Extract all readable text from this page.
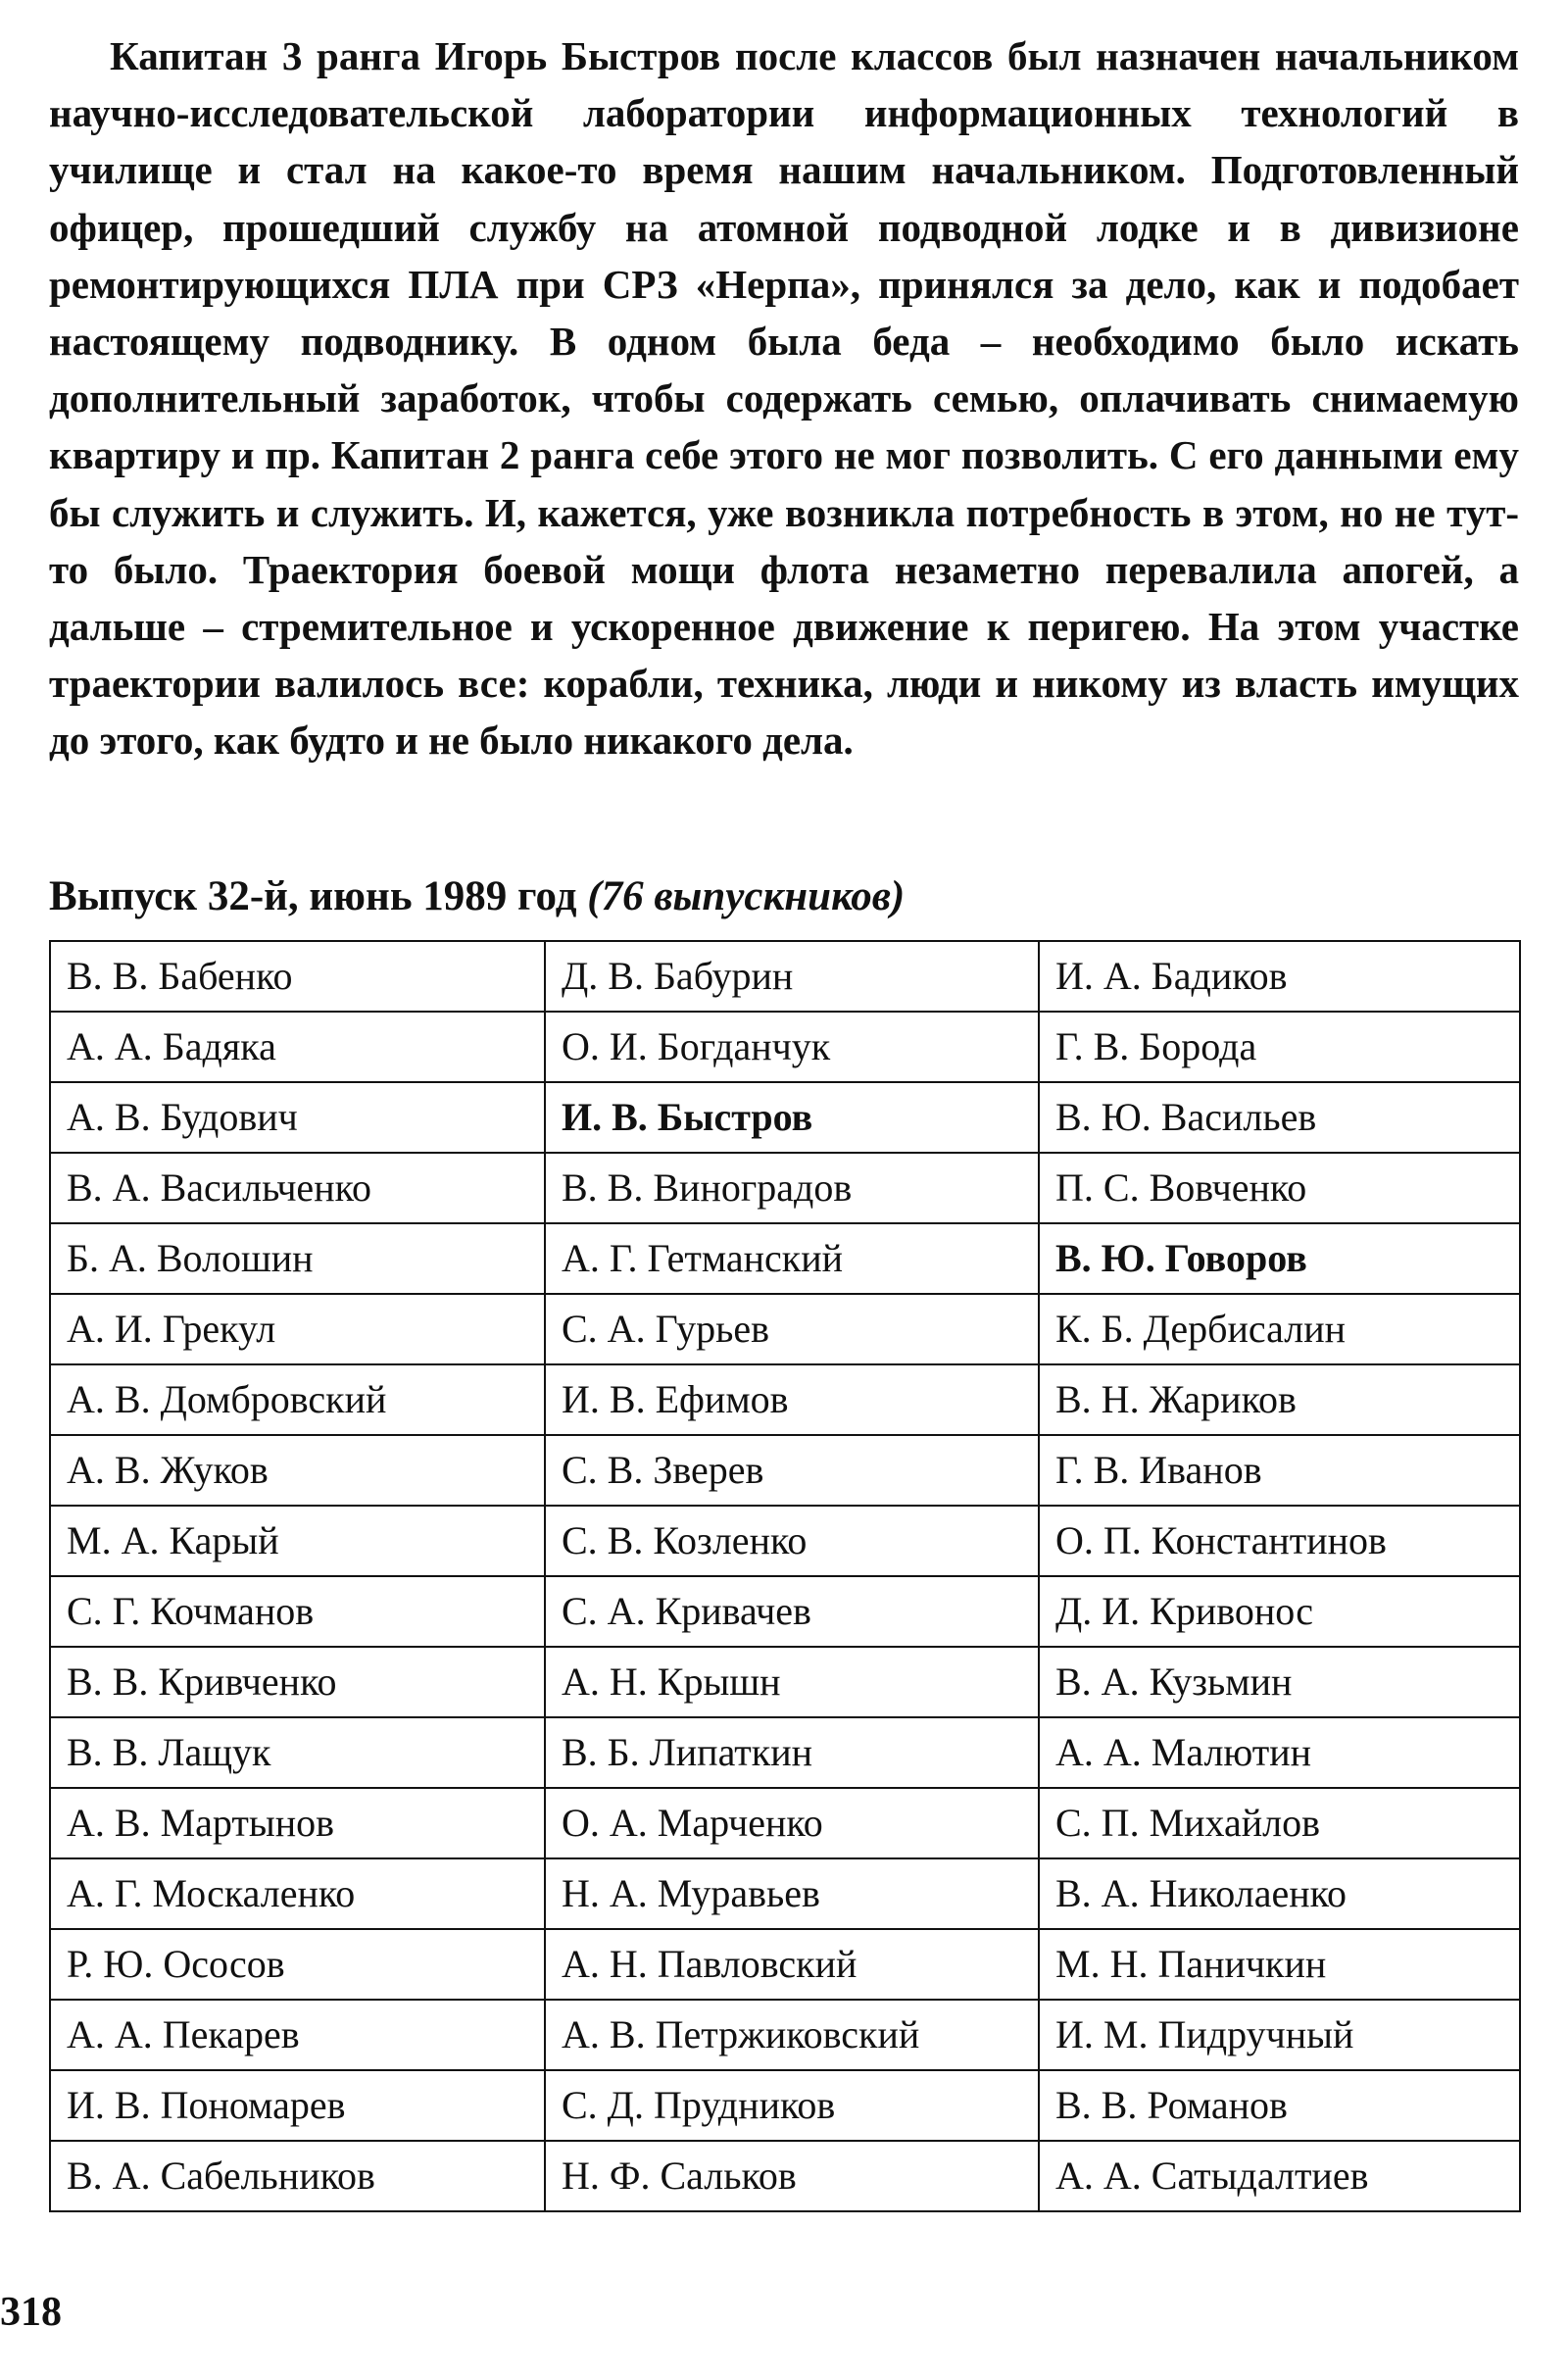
Капитан 3 ранга Игорь Быстров после классов был назначен начальником научно-исследовательской лаборатории информационных технологий в училище и стал на какое-то время нашим начальником. Подготовленный офицер, прошедший службу на атомной подводной лодке и в дивизионе ремонтирующихся ПЛА при СРЗ «Нерпа», принялся за дело, как и подобает настоящему подводнику. В одном была беда – необходимо было искать дополнительный заработок, чтобы содержать семью, оплачивать снимаемую квартиру и пр. Капитан 2 ранга себе этого не мог позволить. С его данными ему бы служить и служить. И, кажется, уже возникла потребность в этом, но не тут-то было. Траектория боевой мощи флота незаметно перевалила апогей, а дальше – стремительное и ускоренное движение к перигею. На этом участке траектории валилось все: корабли, техника, люди и никому из власть имущих до этого, как будто и не было никакого дела.

Выпуск 32-й, июнь 1989 год (76 выпускников)
В. В. Бабенко	Д. В. Бабурин	И. А. Бадиков
А. А. Бадяка	О. И. Богданчук	Г. В. Борода
А. В. Будович	И. В. Быстров	В. Ю. Васильев
В. А. Васильченко	В. В. Виноградов	П. С. Вовченко
Б. А. Волошин	А. Г. Гетманский	В. Ю. Говоров
А. И. Грекул	С. А. Гурьев	К. Б. Дербисалин
А. В. Домбровский	И. В. Ефимов	В. Н. Жариков
А. В. Жуков	С. В. Зверев	Г. В. Иванов
М. А. Карый	С. В. Козленко	О. П. Константинов
С. Г. Кочманов	С. А. Кривачев	Д. И. Кривонос
В. В. Кривченко	А. Н. Крышн	В. А. Кузьмин
В. В. Лащук	В. Б. Липаткин	А. А. Малютин
А. В. Мартынов	О. А. Марченко	С. П. Михайлов
А. Г. Москаленко	Н. А. Муравьев	В. А. Николаенко
Р. Ю. Ососов	А. Н. Павловский	М. Н. Паничкин
А. А. Пекарев	А. В. Петржиковский	И. М. Пидручный
И. В. Пономарев	С. Д. Прудников	В. В. Романов
В. А. Сабельников	Н. Ф. Сальков	А. А. Сатыдалтиев
318
